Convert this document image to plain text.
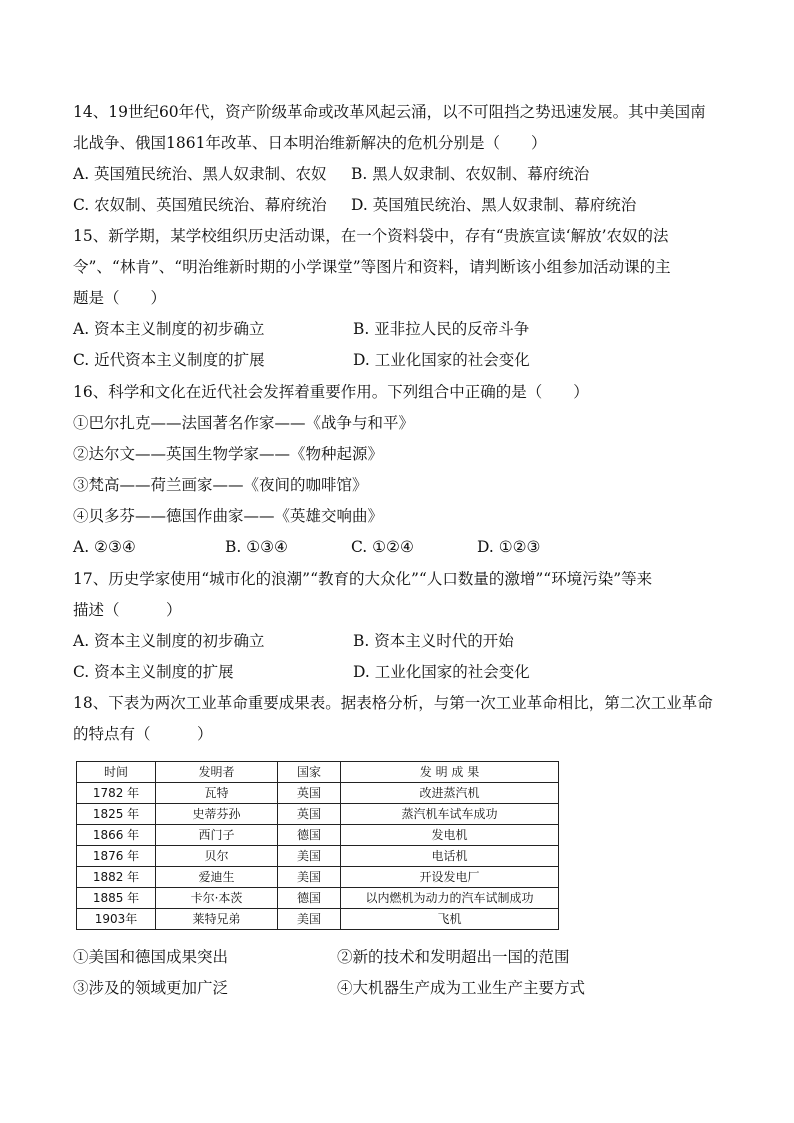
14、19世纪60年代，资产阶级革命或改革风起云涌，以不可阻挡之势迅速发展。其中美国南
北战争、俄国1861年改革、日本明治维新解决的危机分别是（　　）
A. 英国殖民统治、黑人奴隶制、农奴 B. 黑人奴隶制、农奴制、幕府统治
C. 农奴制、英国殖民统治、幕府统治 D. 英国殖民统治、黑人奴隶制、幕府统治
15、新学期，某学校组织历史活动课，在一个资料袋中，存有“贵族宣读‘解放’农奴的法
令”、“林肯”、“明治维新时期的小学课堂”等图片和资料，请判断该小组参加活动课的主
题是（　　）
A. 资本主义制度的初步确立	B. 亚非拉人民的反帝斗争
C. 近代资本主义制度的扩展	D. 工业化国家的社会变化
16、科学和文化在近代社会发挥着重要作用。下列组合中正确的是（　　）
①巴尔扎克——法国著名作家——《战争与和平》
②达尔文——英国生物学家——《物种起源》
③梵高——荷兰画家——《夜间的咖啡馆》
④贝多芬——德国作曲家——《英雄交响曲》
A. ②③④	B. ①③④	C. ①②④	D. ①②③
17、历史学家使用“城市化的浪潮”“教育的大众化”“人口数量的激增”“环境污染”等来
描述（　　　）
A. 资本主义制度的初步确立	B. 资本主义时代的开始
C. 资本主义制度的扩展	D. 工业化国家的社会变化
18、下表为两次工业革命重要成果表。据表格分析，与第一次工业革命相比，第二次工业革命
的特点有（　　　）
时间	发明者	国家	发 明 成 果
1782 年	瓦特	英国	改进蒸汽机
1825 年	史蒂芬孙	英国	蒸汽机车试车成功
1866 年	西门子	德国	发电机
1876 年	贝尔	美国	电话机
1882 年	爱迪生	美国	开设发电厂
1885 年	卡尔·本茨	德国	以内燃机为动力的汽车试制成功
1903年	莱特兄弟	美国	飞机
①美国和德国成果突出	②新的技术和发明超出一国的范围
③涉及的领域更加广泛	④大机器生产成为工业生产主要方式
